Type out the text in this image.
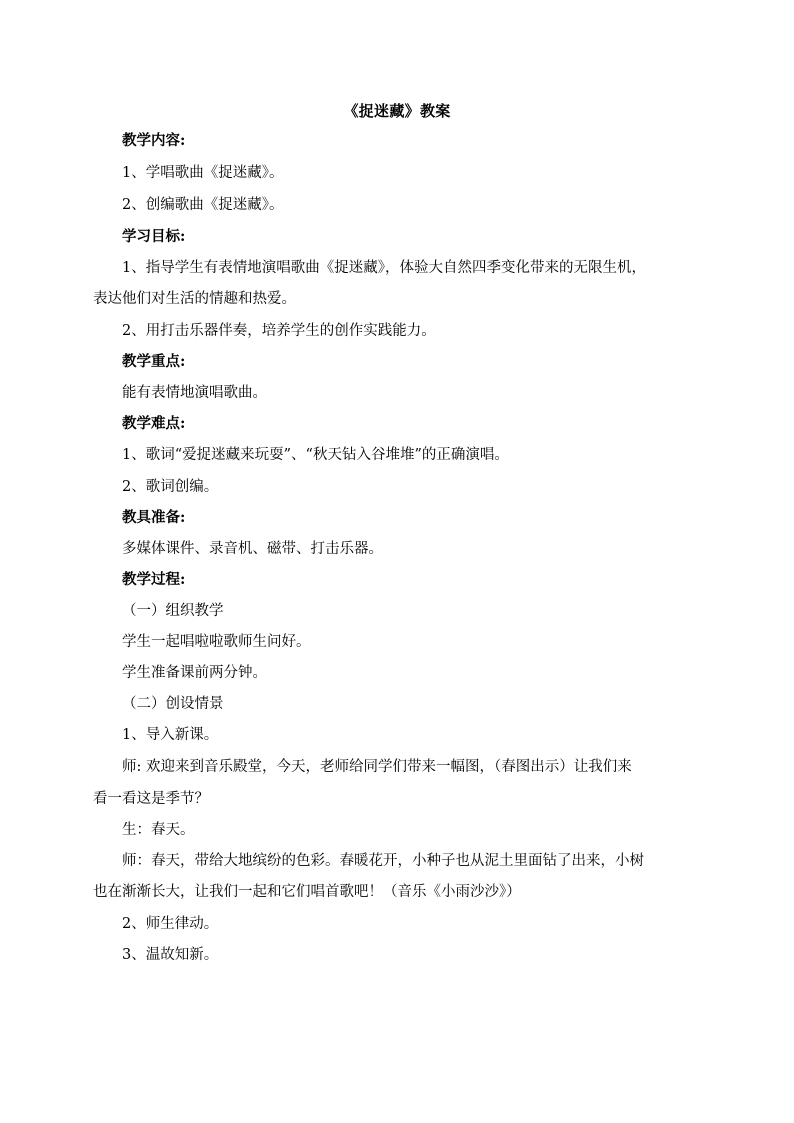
《捉迷藏》教案
教学内容:
1、学唱歌曲《捉迷藏》。
2、创编歌曲《捉迷藏》。
学习目标:
1、指导学生有表情地演唱歌曲《捉迷藏》，体验大自然四季变化带来的无限生机，
表达他们对生活的情趣和热爱。
2、用打击乐器伴奏，培养学生的创作实践能力。
教学重点:
能有表情地演唱歌曲。
教学难点:
1、歌词“爱捉迷藏来玩耍”、“秋天钻入谷堆堆”的正确演唱。
2、歌词创编。
教具准备:
多媒体课件、录音机、磁带、打击乐器。
教学过程:
（一）组织教学
学生一起唱啦啦歌师生问好。
学生准备课前两分钟。
（二）创设情景
1、导入新课。
师: 欢迎来到音乐殿堂，今天，老师给同学们带来一幅图，（春图出示）让我们来
看一看这是季节？
生：春天。
师：春天，带给大地缤纷的色彩。春暖花开，小种子也从泥土里面钻了出来，小树
也在渐渐长大，让我们一起和它们唱首歌吧！（音乐《小雨沙沙》）
2、师生律动。
3、温故知新。
